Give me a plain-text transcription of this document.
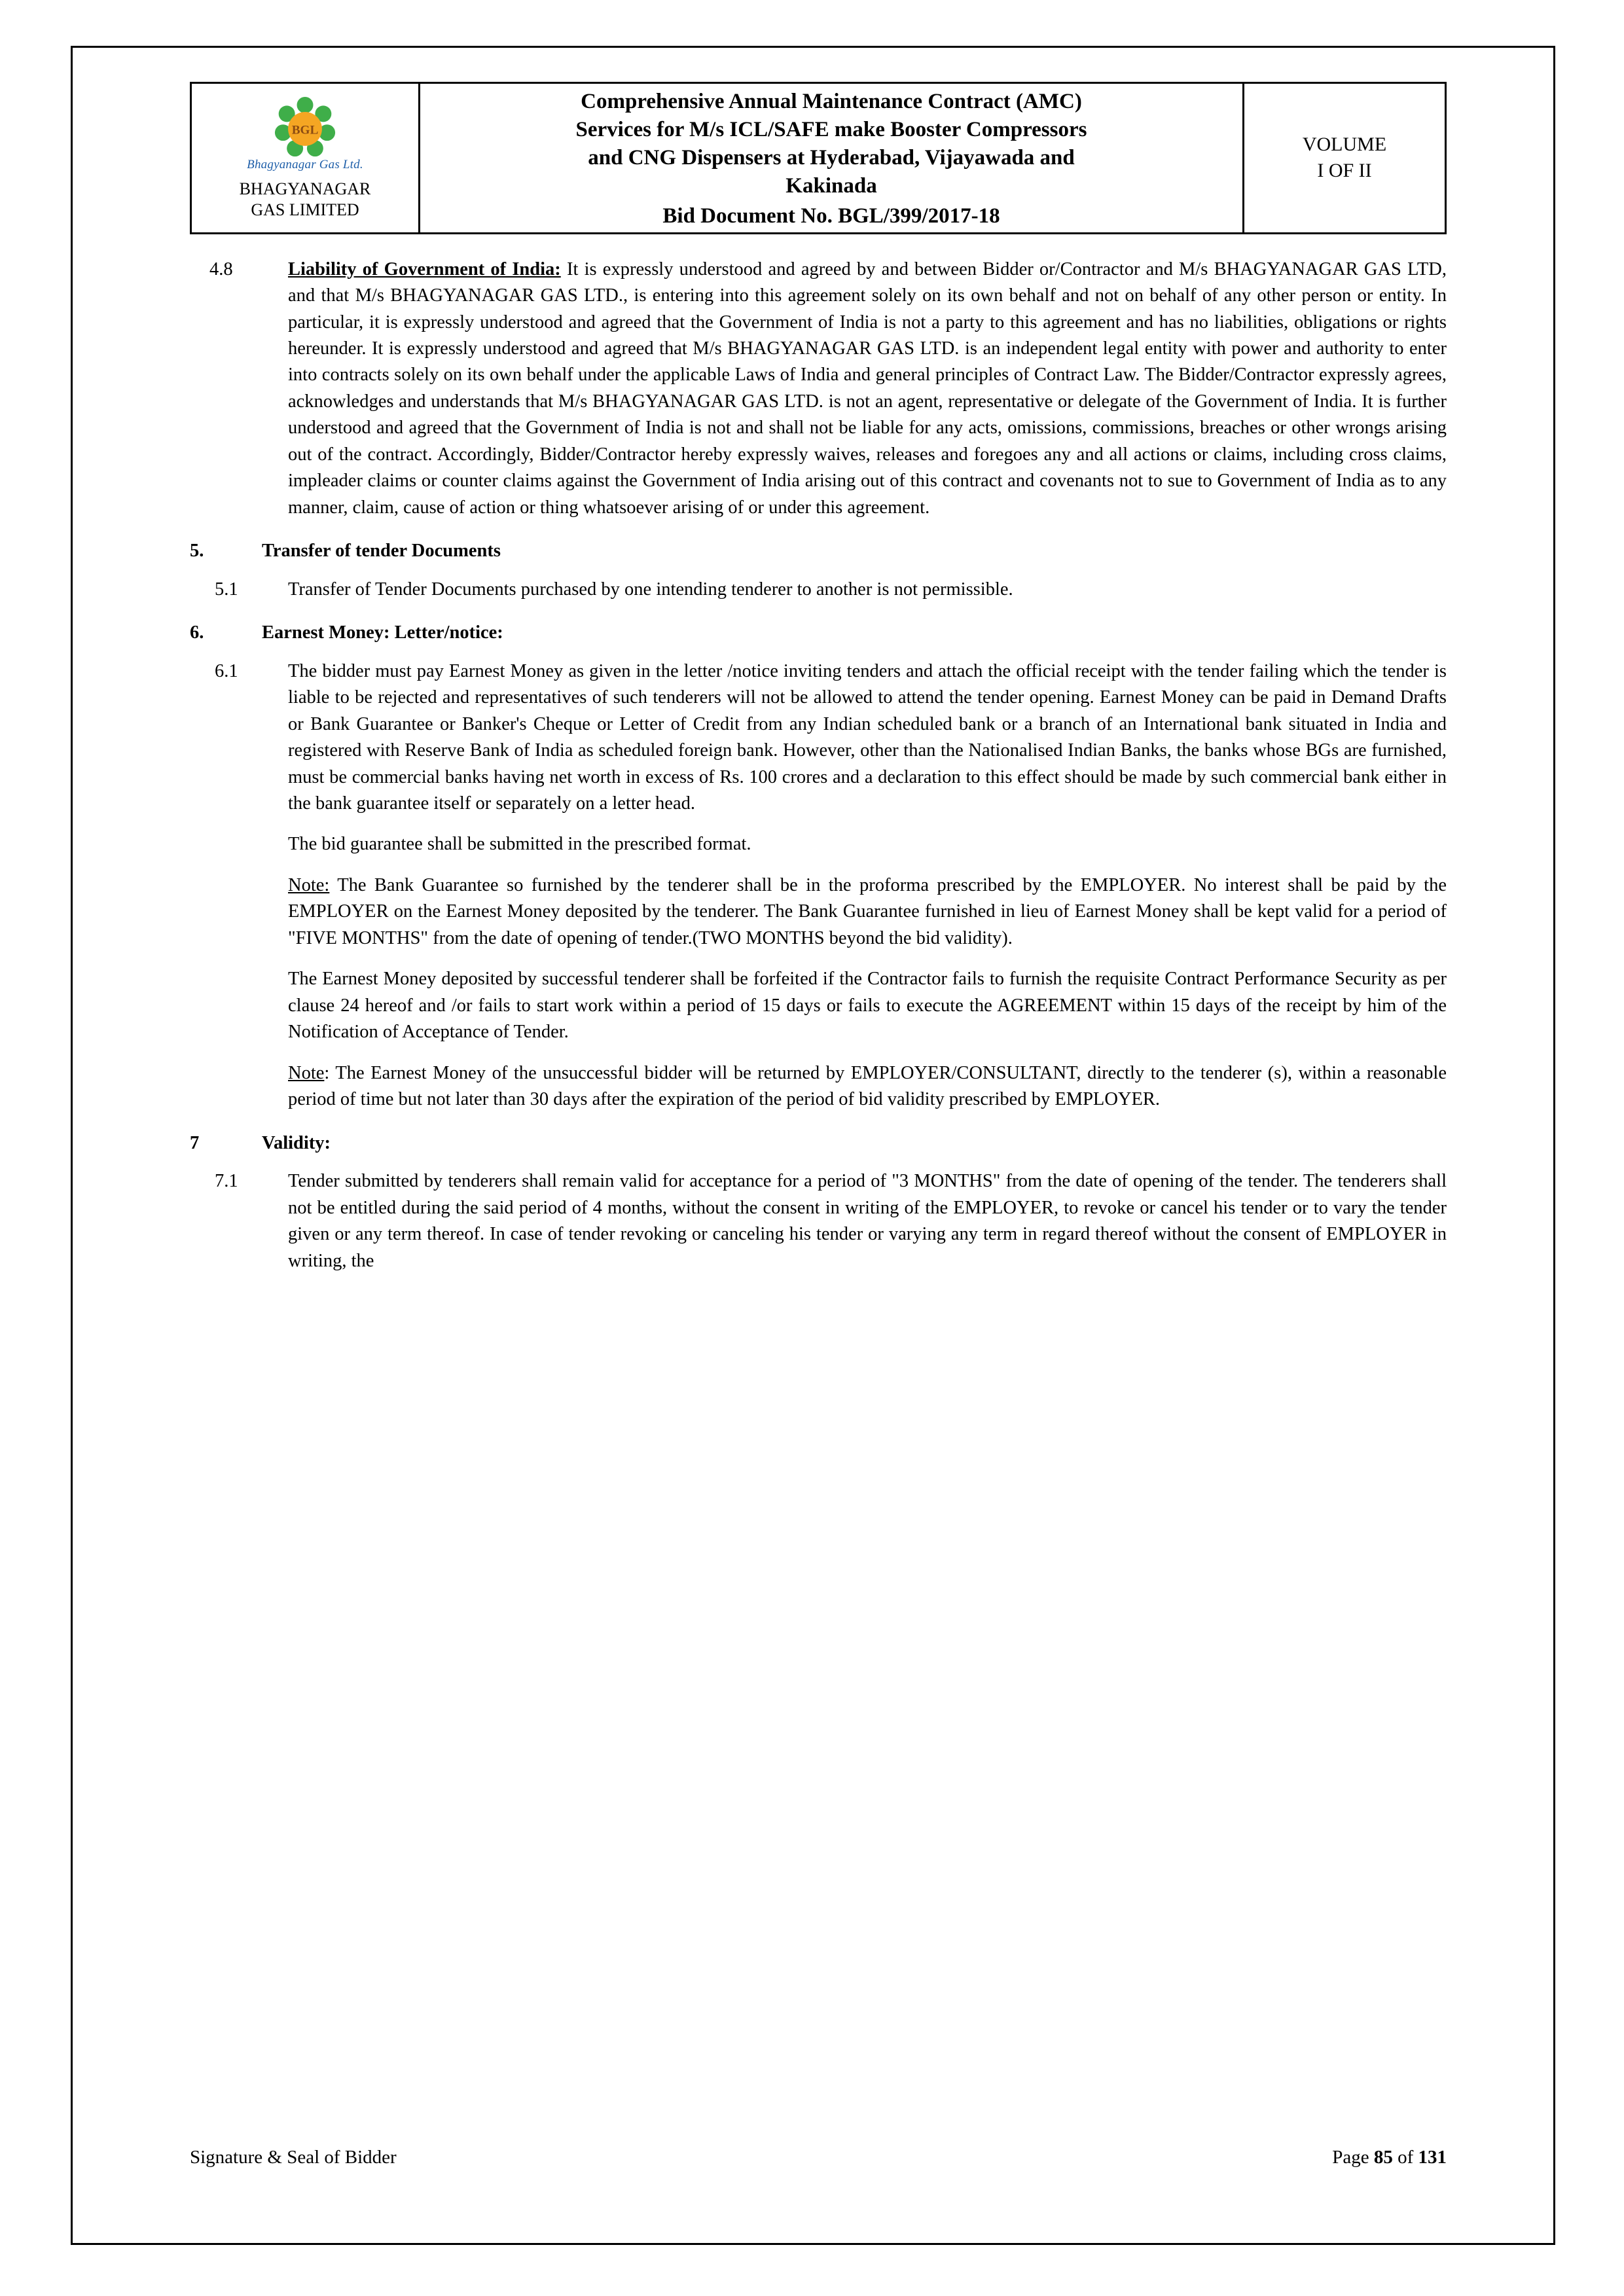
BGL
Bhagyanagar Gas Ltd.
BHAGYANAGAR
GAS LIMITED

Comprehensive Annual Maintenance Contract (AMC)
Services for M/s ICL/SAFE make Booster Compressors
and CNG Dispensers at Hyderabad, Vijayawada and
Kakinada
Bid Document No. BGL/399/2017-18

VOLUME
I OF II
4.8	Liability of Government of India: It is expressly understood and agreed by and between Bidder or/Contractor and M/s BHAGYANAGAR GAS LTD, and that M/s BHAGYANAGAR GAS LTD., is entering into this agreement solely on its own behalf and not on behalf of any other person or entity. In particular, it is expressly understood and agreed that the Government of India is not a party to this agreement and has no liabilities, obligations or rights hereunder. It is expressly understood and agreed that M/s BHAGYANAGAR GAS LTD. is an independent legal entity with power and authority to enter into contracts solely on its own behalf under the applicable Laws of India and general principles of Contract Law. The Bidder/Contractor expressly agrees, acknowledges and understands that M/s BHAGYANAGAR GAS LTD. is not an agent, representative or delegate of the Government of India. It is further understood and agreed that the Government of India is not and shall not be liable for any acts, omissions, commissions, breaches or other wrongs arising out of the contract. Accordingly, Bidder/Contractor hereby expressly waives, releases and foregoes any and all actions or claims, including cross claims, impleader claims or counter claims against the Government of India arising out of this contract and covenants not to sue to Government of India as to any manner, claim, cause of action or thing whatsoever arising of or under this agreement.
5.	Transfer of tender Documents
5.1	Transfer of Tender Documents purchased by one intending tenderer to another is not permissible.
6.	Earnest Money: Letter/notice:
6.1	The bidder must pay Earnest Money as given in the letter /notice inviting tenders and attach the official receipt with the tender failing which the tender is liable to be rejected and representatives of such tenderers will not be allowed to attend the tender opening. Earnest Money can be paid in Demand Drafts or Bank Guarantee or Banker's Cheque or Letter of Credit from any Indian scheduled bank or a branch of an International bank situated in India and registered with Reserve Bank of India as scheduled foreign bank. However, other than the Nationalised Indian Banks, the banks whose BGs are furnished, must be commercial banks having net worth in excess of Rs. 100 crores and a declaration to this effect should be made by such commercial bank either in the bank guarantee itself or separately on a letter head.

The bid guarantee shall be submitted in the prescribed format.

Note: The Bank Guarantee so furnished by the tenderer shall be in the proforma prescribed by the EMPLOYER. No interest shall be paid by the EMPLOYER on the Earnest Money deposited by the tenderer. The Bank Guarantee furnished in lieu of Earnest Money shall be kept valid for a period of "FIVE MONTHS" from the date of opening of tender.(TWO MONTHS beyond the bid validity).

The Earnest Money deposited by successful tenderer shall be forfeited if the Contractor fails to furnish the requisite Contract Performance Security as per clause 24 hereof and /or fails to start work within a period of 15 days or fails to execute the AGREEMENT within 15 days of the receipt by him of the Notification of Acceptance of Tender.

Note: The Earnest Money of the unsuccessful bidder will be returned by EMPLOYER/CONSULTANT, directly to the tenderer (s), within a reasonable period of time but not later than 30 days after the expiration of the period of bid validity prescribed by EMPLOYER.

7	Validity:
7.1	Tender submitted by tenderers shall remain valid for acceptance for a period of "3 MONTHS" from the date of opening of the tender. The tenderers shall not be entitled during the said period of 4 months, without the consent in writing of the EMPLOYER, to revoke or cancel his tender or to vary the tender given or any term thereof. In case of tender revoking or canceling his tender or varying any term in regard thereof without the consent of EMPLOYER in writing, the
Signature & Seal of Bidder	Page 85 of 131
